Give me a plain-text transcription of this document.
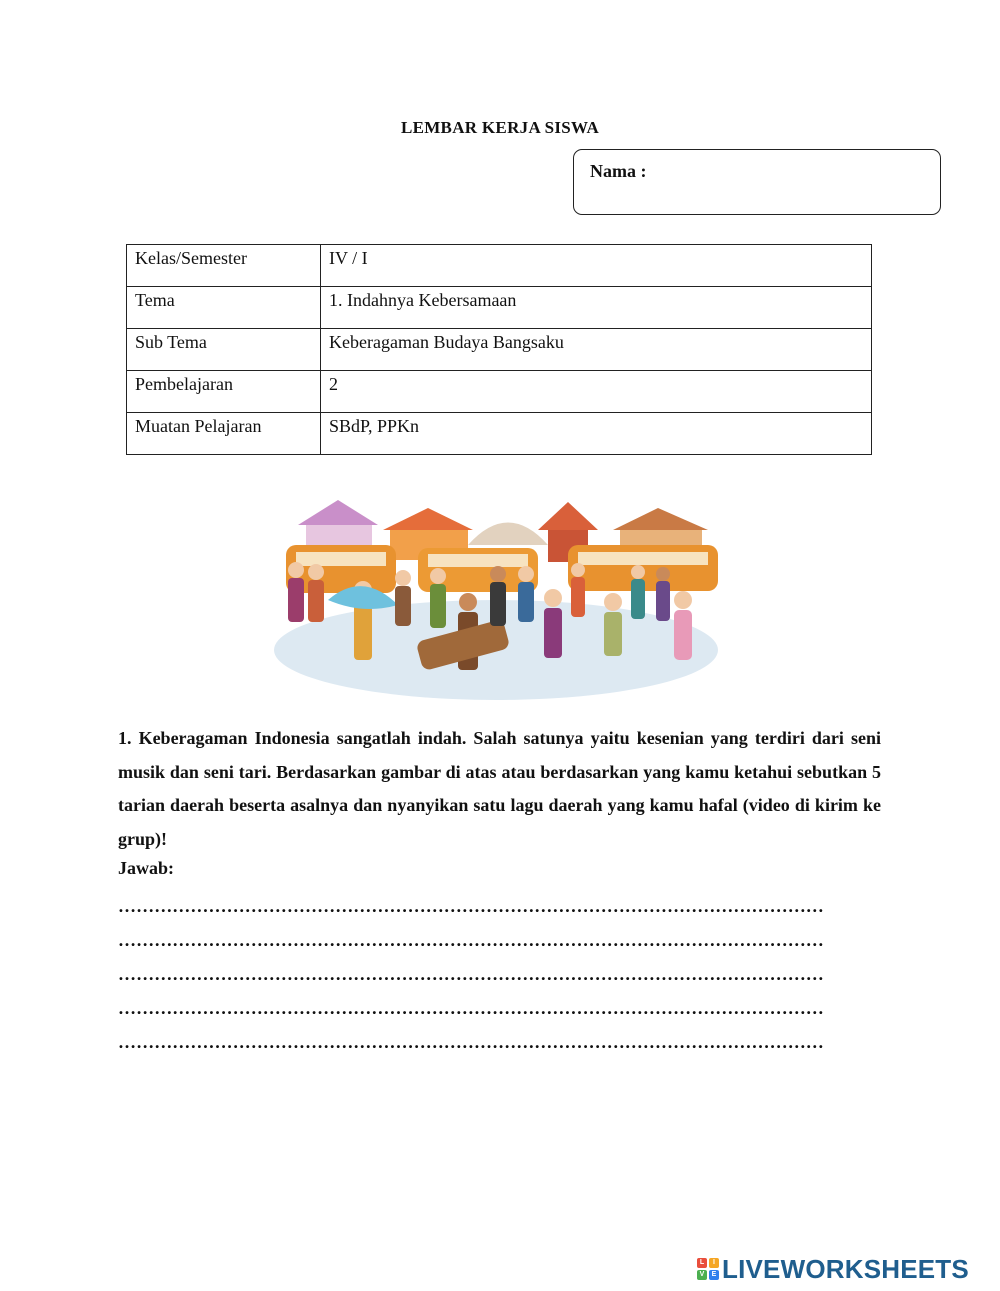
LEMBAR KERJA SISWA
Nama :
Kelas/Semester	IV / I
Tema	1. Indahnya Kebersamaan
Sub Tema	Keberagaman Budaya Bangsaku
Pembelajaran	2
Muatan Pelajaran	SBdP, PPKn
1. Keberagaman Indonesia sangatlah indah. Salah satunya yaitu kesenian yang terdiri dari seni musik dan seni tari. Berdasarkan gambar di atas atau berdasarkan yang kamu ketahui sebutkan 5 tarian daerah beserta asalnya dan nyanyikan satu lagu daerah yang kamu hafal (video di kirim ke grup)!
Jawab:
………………………………………………………………………………………………………
………………………………………………………………………………………………………
………………………………………………………………………………………………………
………………………………………………………………………………………………………
………………………………………………………………………………………………………
L	I
V	E LIVEWORKSHEETS
